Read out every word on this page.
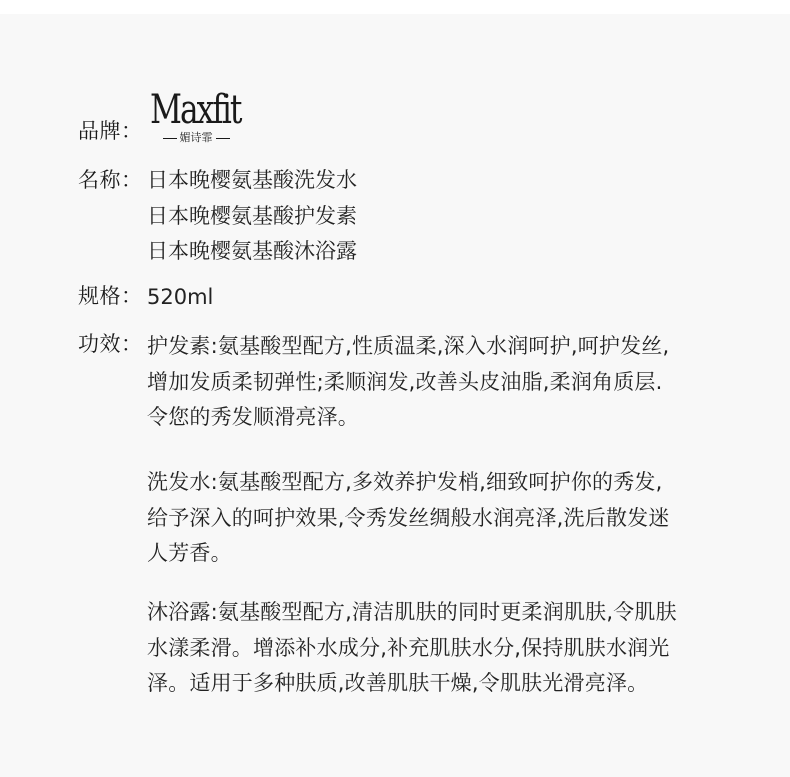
品牌： Maxfit
媚诗霏
名称： 日本晚樱氨基酸洗发水
日本晚樱氨基酸护发素
日本晚樱氨基酸沐浴露
规格： 520ml
功效： 护发素:氨基酸型配方,性质温柔,深入水润呵护,呵护发丝,
增加发质柔韧弹性;柔顺润发,改善头皮油脂,柔润角质层.
令您的秀发顺滑亮泽。
洗发水:氨基酸型配方,多效养护发梢,细致呵护你的秀发,
给予深入的呵护效果,令秀发丝绸般水润亮泽,洗后散发迷
人芳香。
沐浴露:氨基酸型配方,清洁肌肤的同时更柔润肌肤,令肌肤
水漾柔滑。增添补水成分,补充肌肤水分,保持肌肤水润光
泽。适用于多种肤质,改善肌肤干燥,令肌肤光滑亮泽。
